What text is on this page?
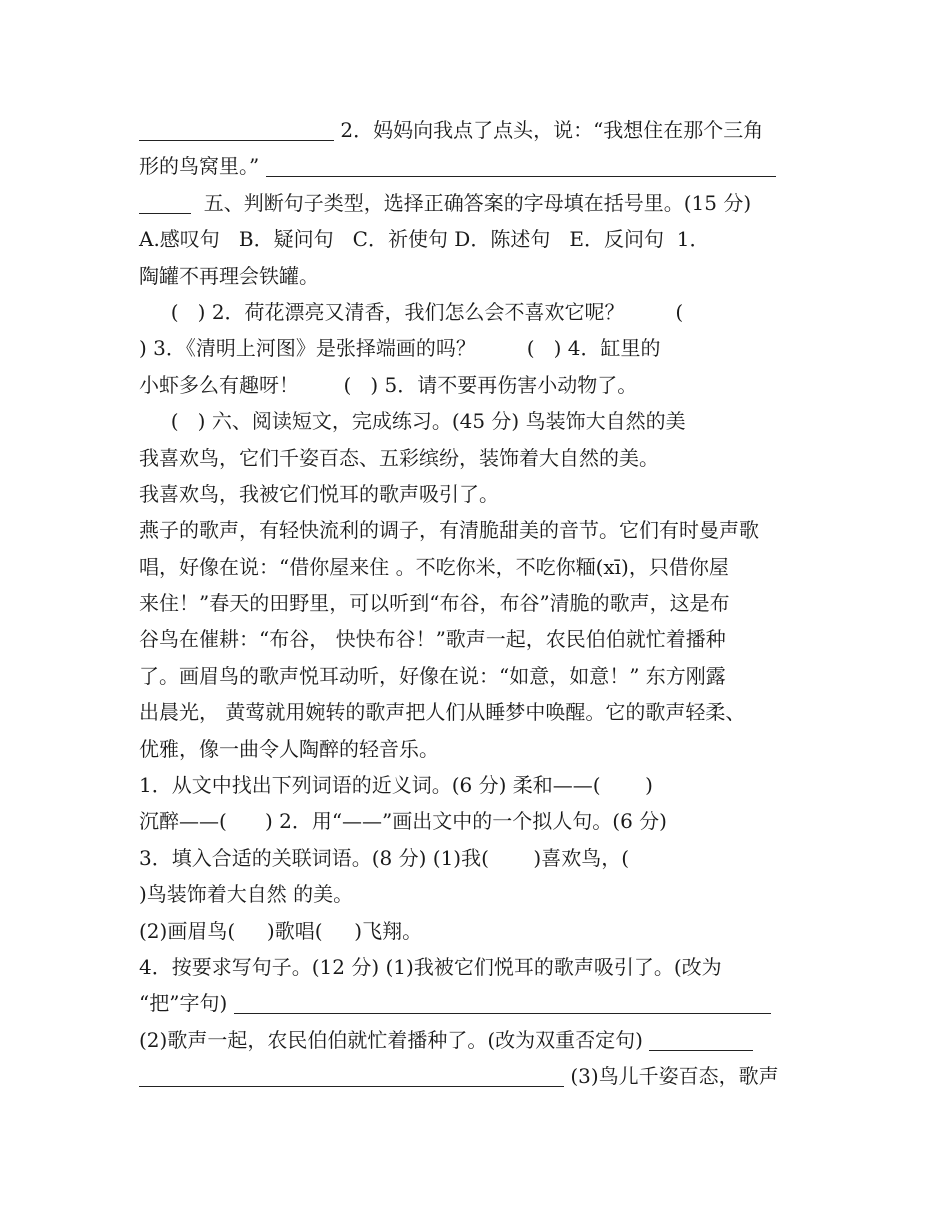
2．妈妈向我点了点头，说：“我想住在那个三角
形的鸟窝里。”
五、判断句子类型，选择正确答案的字母填在括号里。(15 分)
A.感叹句   B．疑问句   C．祈使句 D．陈述句   E．反问句  1．
陶罐不再理会铁罐。
(   ) 2．荷花漂亮又清香，我们怎么会不喜欢它呢？        (
) 3．《清明上河图》是张择端画的吗？        (   ) 4．缸里的
小虾多么有趣呀！       (   ) 5．请不要再伤害小动物了。
(   ) 六、阅读短文，完成练习。(45 分) 鸟装饰大自然的美
我喜欢鸟，它们千姿百态、五彩缤纷，装饰着大自然的美。
我喜欢鸟，我被它们悦耳的歌声吸引了。
燕子的歌声，有轻快流利的调子，有清脆甜美的音节。它们有时曼声歌
唱，好像在说：“借你屋来住 。不吃你米，不吃你糆(xī)，只借你屋
来住！”春天的田野里，可以听到“布谷，布谷”清脆的歌声，这是布
谷鸟在催耕：“布谷， 快快布谷！”歌声一起，农民伯伯就忙着播种
了。画眉鸟的歌声悦耳动听，好像在说：“如意，如意！” 东方刚露
出晨光， 黄莺就用婉转的歌声把人们从睡梦中唤醒。它的歌声轻柔、
优雅，像一曲令人陶醉的轻音乐。
1．从文中找出下列词语的近义词。(6 分) 柔和——(       )
沉醉——(      ) 2．用“——”画出文中的一个拟人句。(6 分)
3．填入合适的关联词语。(8 分) (1)我(       )喜欢鸟，(
)鸟装饰着大自然 的美。
(2)画眉鸟(     )歌唱(     )飞翔。
4．按要求写句子。(12 分) (1)我被它们悦耳的歌声吸引了。(改为
“把”字句)
(2)歌声一起，农民伯伯就忙着播种了。(改为双重否定句)
(3)鸟儿千姿百态，歌声
